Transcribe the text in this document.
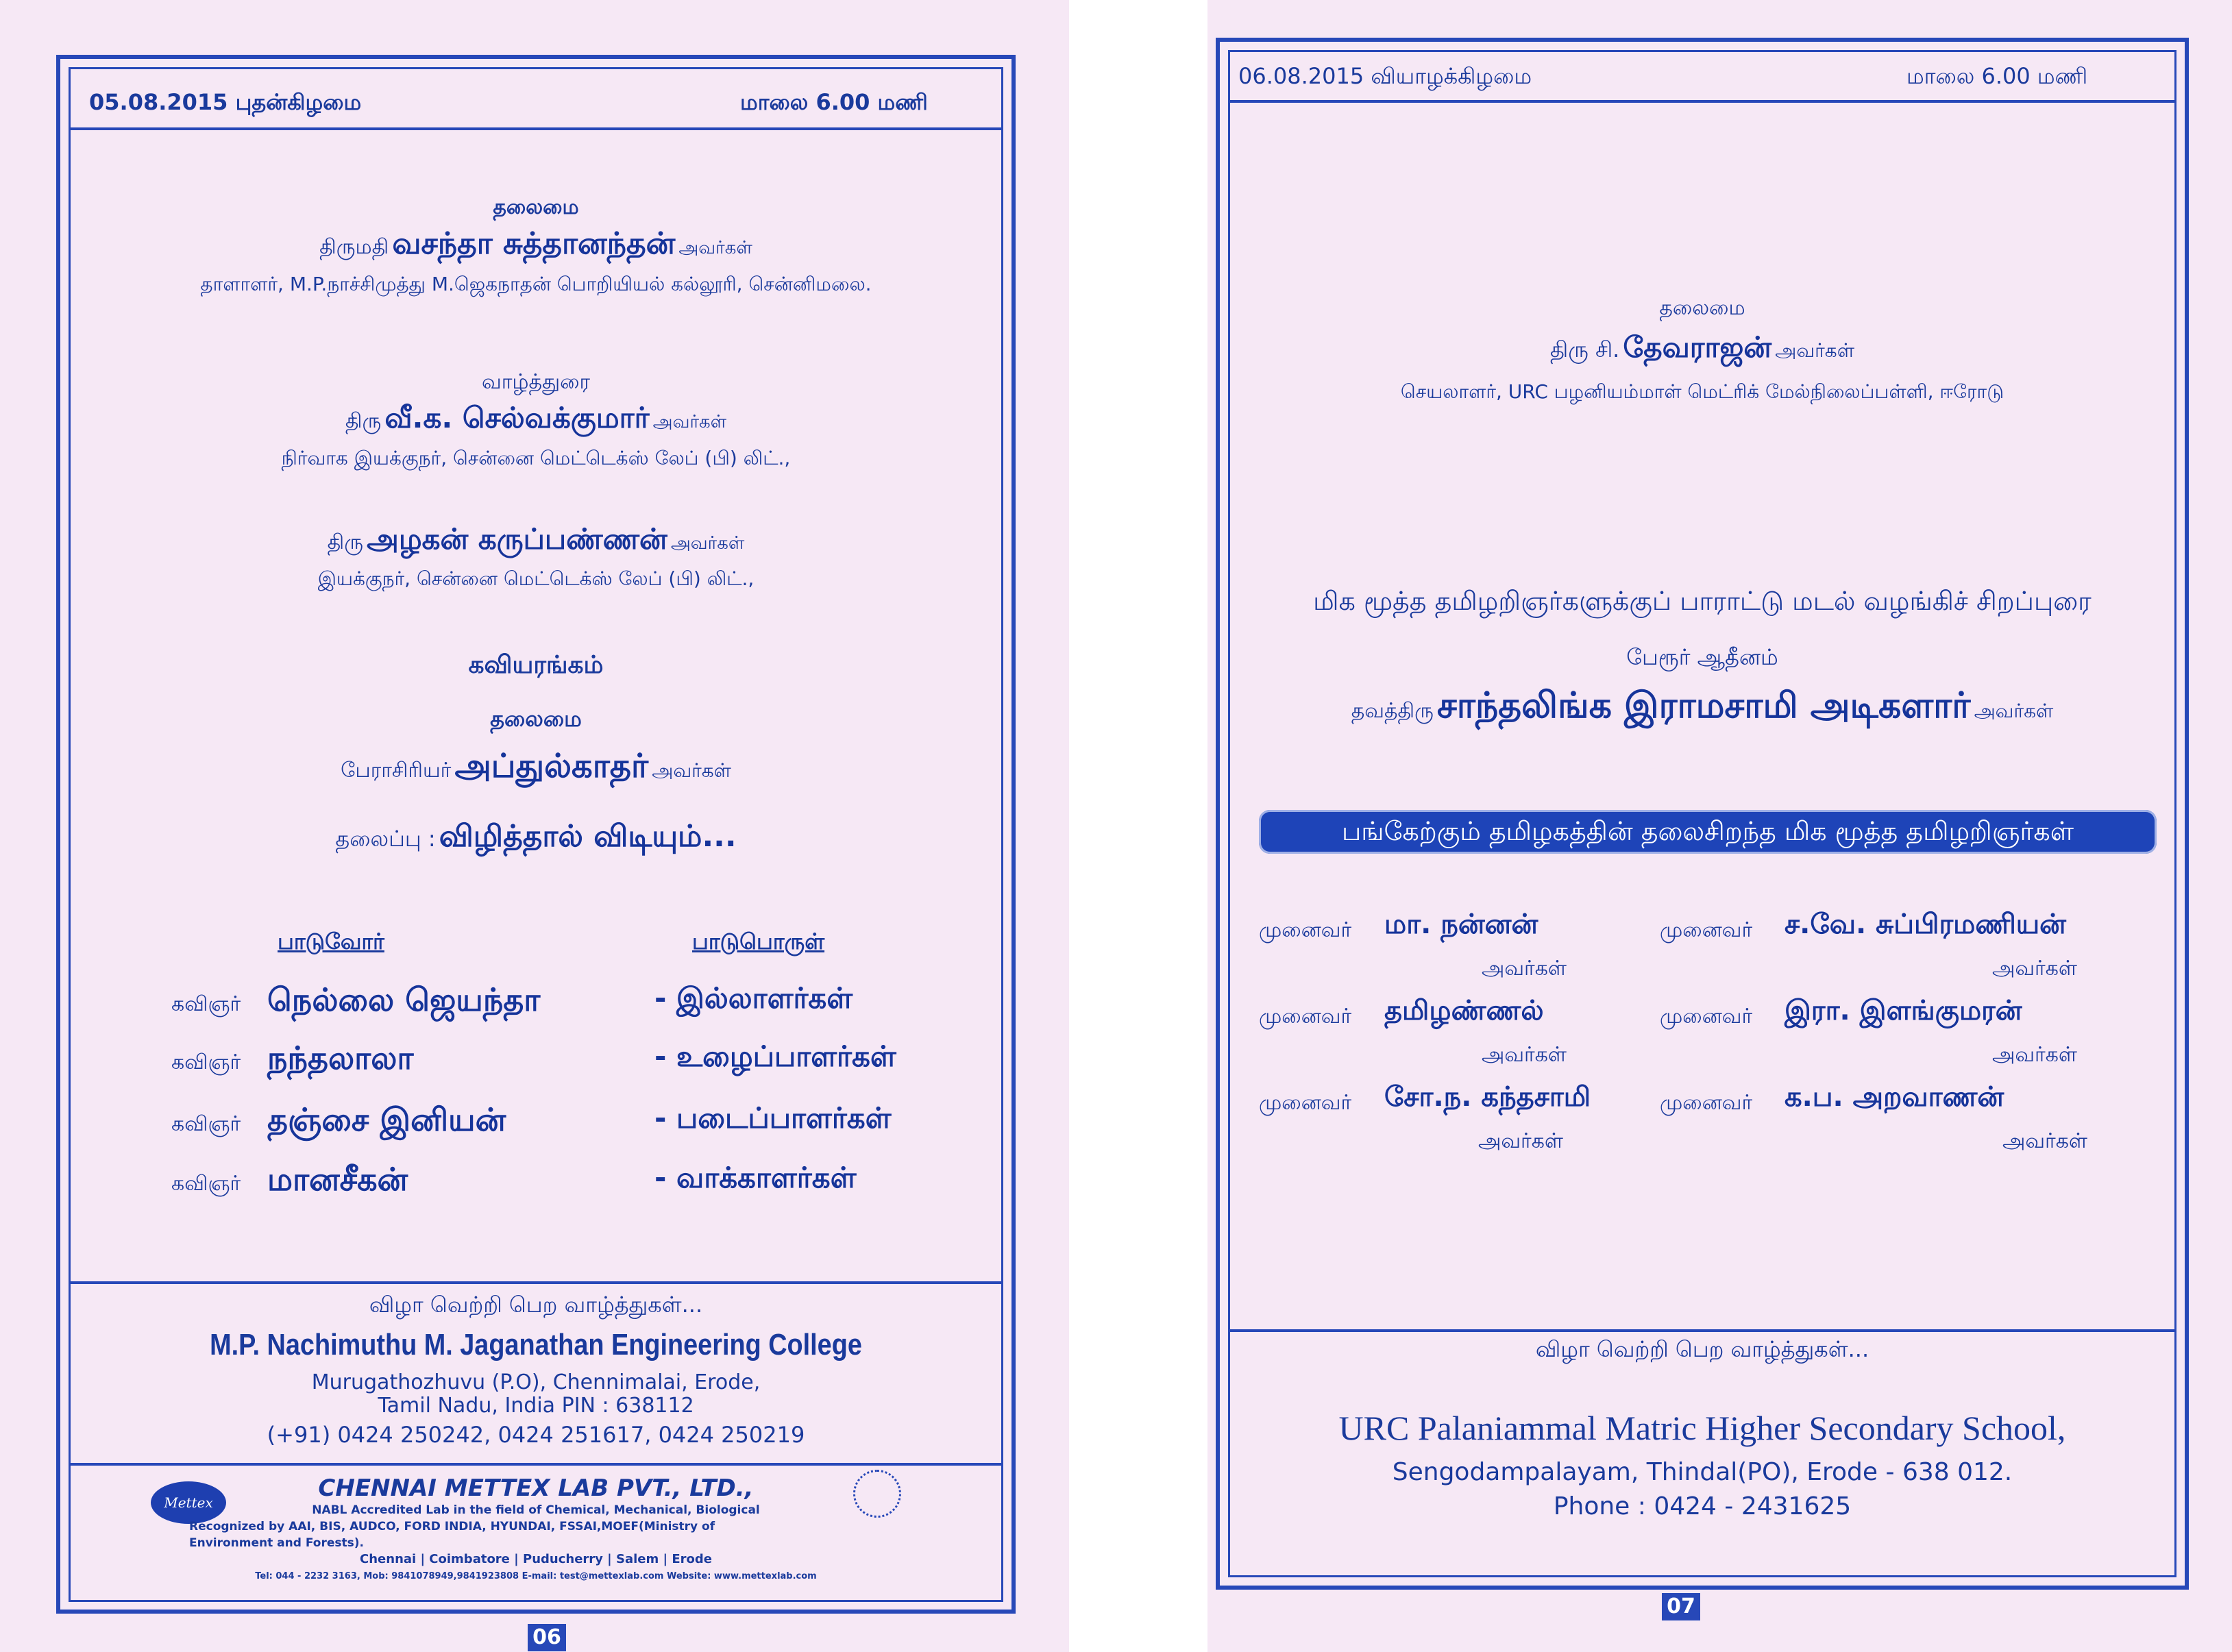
05.08.2015 புதன்கிழமை	மாலை 6.00 மணி
தலைமை
திருமதி வசந்தா சுத்தானந்தன் அவர்கள்
தாளாளர், M.P.நாச்சிமுத்து M.ஜெகநாதன் பொறியியல் கல்லூரி, சென்னிமலை.
வாழ்த்துரை
திரு வீ.க. செல்வக்குமார் அவர்கள்
நிர்வாக இயக்குநர், சென்னை மெட்டெக்ஸ் லேப் (பி) லிட்.,
திரு அழகன் கருப்பண்ணன் அவர்கள்
இயக்குநர், சென்னை மெட்டெக்ஸ் லேப் (பி) லிட்.,
கவியரங்கம்
தலைமை
பேராசிரியர் அப்துல்காதர் அவர்கள்
தலைப்பு : விழித்தால் விடியும்...
பாடுவோர்	பாடுபொருள்
கவிஞர் நெல்லை ஜெயந்தா	- இல்லாளர்கள்
கவிஞர் நந்தலாலா	- உழைப்பாளர்கள்
கவிஞர் தஞ்சை இனியன்	- படைப்பாளர்கள்
கவிஞர் மானசீகன்	- வாக்காளர்கள்
விழா வெற்றி பெற வாழ்த்துகள்...
M.P. Nachimuthu M. Jaganathan Engineering College
Murugathozhuvu (P.O), Chennimalai, Erode,
Tamil Nadu, India PIN : 638112
(+91) 0424 250242, 0424 251617, 0424 250219
Mettex
CHENNAI METTEX LAB PVT., LTD.,
NABL Accredited Lab in the field of Chemical, Mechanical, Biological
Recognized by AAI, BIS, AUDCO, FORD INDIA, HYUNDAI, FSSAI,MOEF(Ministry of
Environment and Forests).
Chennai | Coimbatore | Puducherry | Salem | Erode
Tel: 044 - 2232 3163, Mob: 9841078949,9841923808 E-mail: test@mettexlab.com Website: www.mettexlab.com
06
06.08.2015 வியாழக்கிழமை	மாலை 6.00 மணி
தலைமை
திரு சி. தேவராஜன் அவர்கள்
செயலாளர், URC பழனியம்மாள் மெட்ரிக் மேல்நிலைப்பள்ளி, ஈரோடு
மிக மூத்த தமிழறிஞர்களுக்குப் பாராட்டு மடல் வழங்கிச் சிறப்புரை
பேரூர் ஆதீனம்
தவத்திரு சாந்தலிங்க இராமசாமி அடிகளார் அவர்கள்
பங்கேற்கும் தமிழகத்தின் தலைசிறந்த மிக மூத்த தமிழறிஞர்கள்
முனைவர் மா. நன்னன்
அவர்கள்
முனைவர் ச.வே. சுப்பிரமணியன்
அவர்கள்
முனைவர் தமிழண்ணல்
அவர்கள்
முனைவர் இரா. இளங்குமரன்
அவர்கள்
முனைவர் சோ.ந. கந்தசாமி
அவர்கள்
முனைவர் க.ப. அறவாணன்
அவர்கள்
விழா வெற்றி பெற வாழ்த்துகள்...
URC Palaniammal Matric Higher Secondary School,
Sengodampalayam, Thindal(PO), Erode - 638 012.
Phone : 0424 - 2431625
07
